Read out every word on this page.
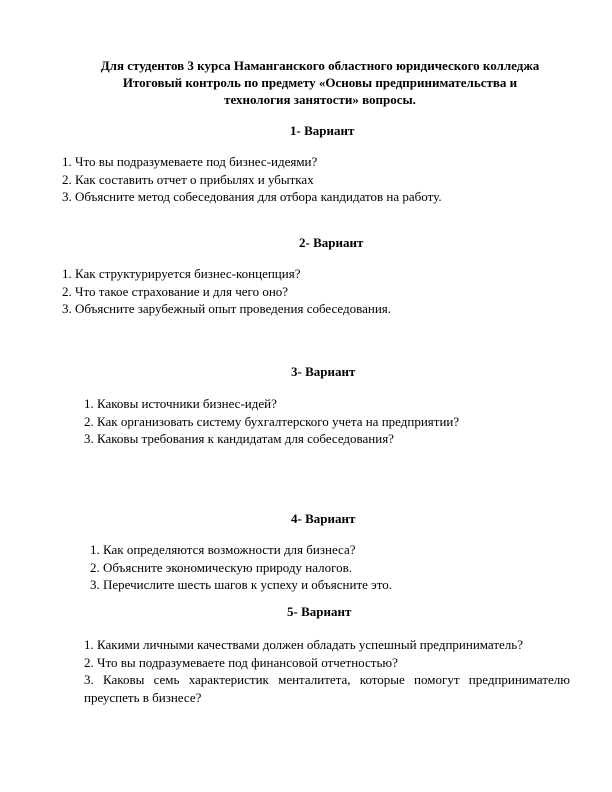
Для студентов 3 курса Наманганского областного юридического колледжа
Итоговый контроль по предмету «Основы предпринимательства и
технология занятости» вопросы.
1- Вариант
1. Что вы подразумеваете под бизнес-идеями?
2. Как составить отчет о прибылях и убытках
3. Объясните метод собеседования для отбора кандидатов на работу.
2- Вариант
1. Как структурируется бизнес-концепция?
2. Что такое страхование и для чего оно?
3. Объясните зарубежный опыт проведения собеседования.
3- Вариант
1. Каковы источники бизнес-идей?
2. Как организовать систему бухгалтерского учета на предприятии?
3. Каковы требования к кандидатам для собеседования?
4- Вариант
1. Как определяются возможности для бизнеса?
2. Объясните экономическую природу налогов.
3. Перечислите шесть шагов к успеху и объясните это.
5- Вариант
1. Какими личными качествами должен обладать успешный предприниматель?
2. Что вы подразумеваете под финансовой отчетностью?
3. Каковы семь характеристик менталитета, которые помогут предпринимателю преуспеть в бизнесе?
